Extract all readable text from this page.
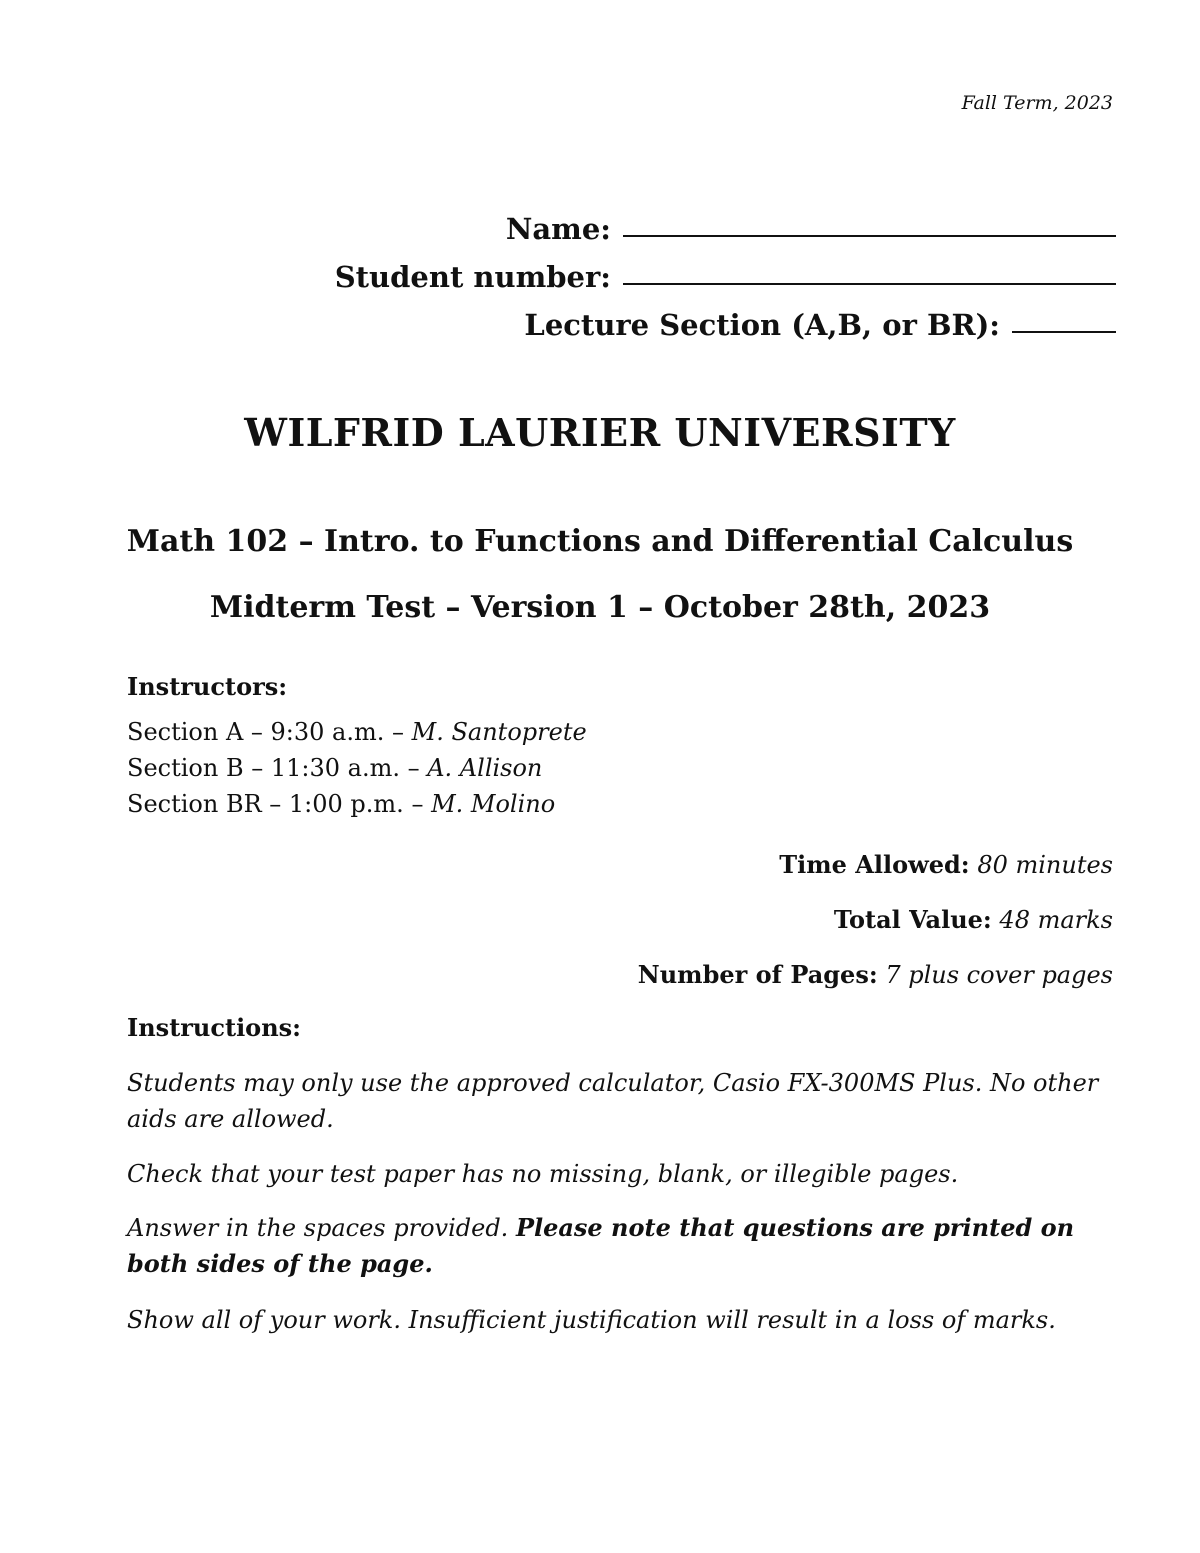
Fall Term, 2023
Name:
Student number:
Lecture Section (A,B, or BR):
WILFRID LAURIER UNIVERSITY
Math 102 – Intro. to Functions and Differential Calculus
Midterm Test – Version 1 – October 28th, 2023
Instructors:
Section A – 9:30 a.m. – M. Santoprete
Section B – 11:30 a.m. – A. Allison
Section BR – 1:00 p.m. – M. Molino
Time Allowed: 80 minutes
Total Value: 48 marks
Number of Pages: 7 plus cover pages
Instructions:
Students may only use the approved calculator, Casio FX-300MS Plus. No other aids are allowed.
Check that your test paper has no missing, blank, or illegible pages.
Answer in the spaces provided. Please note that questions are printed on both sides of the page.
Show all of your work. Insufficient justification will result in a loss of marks.
